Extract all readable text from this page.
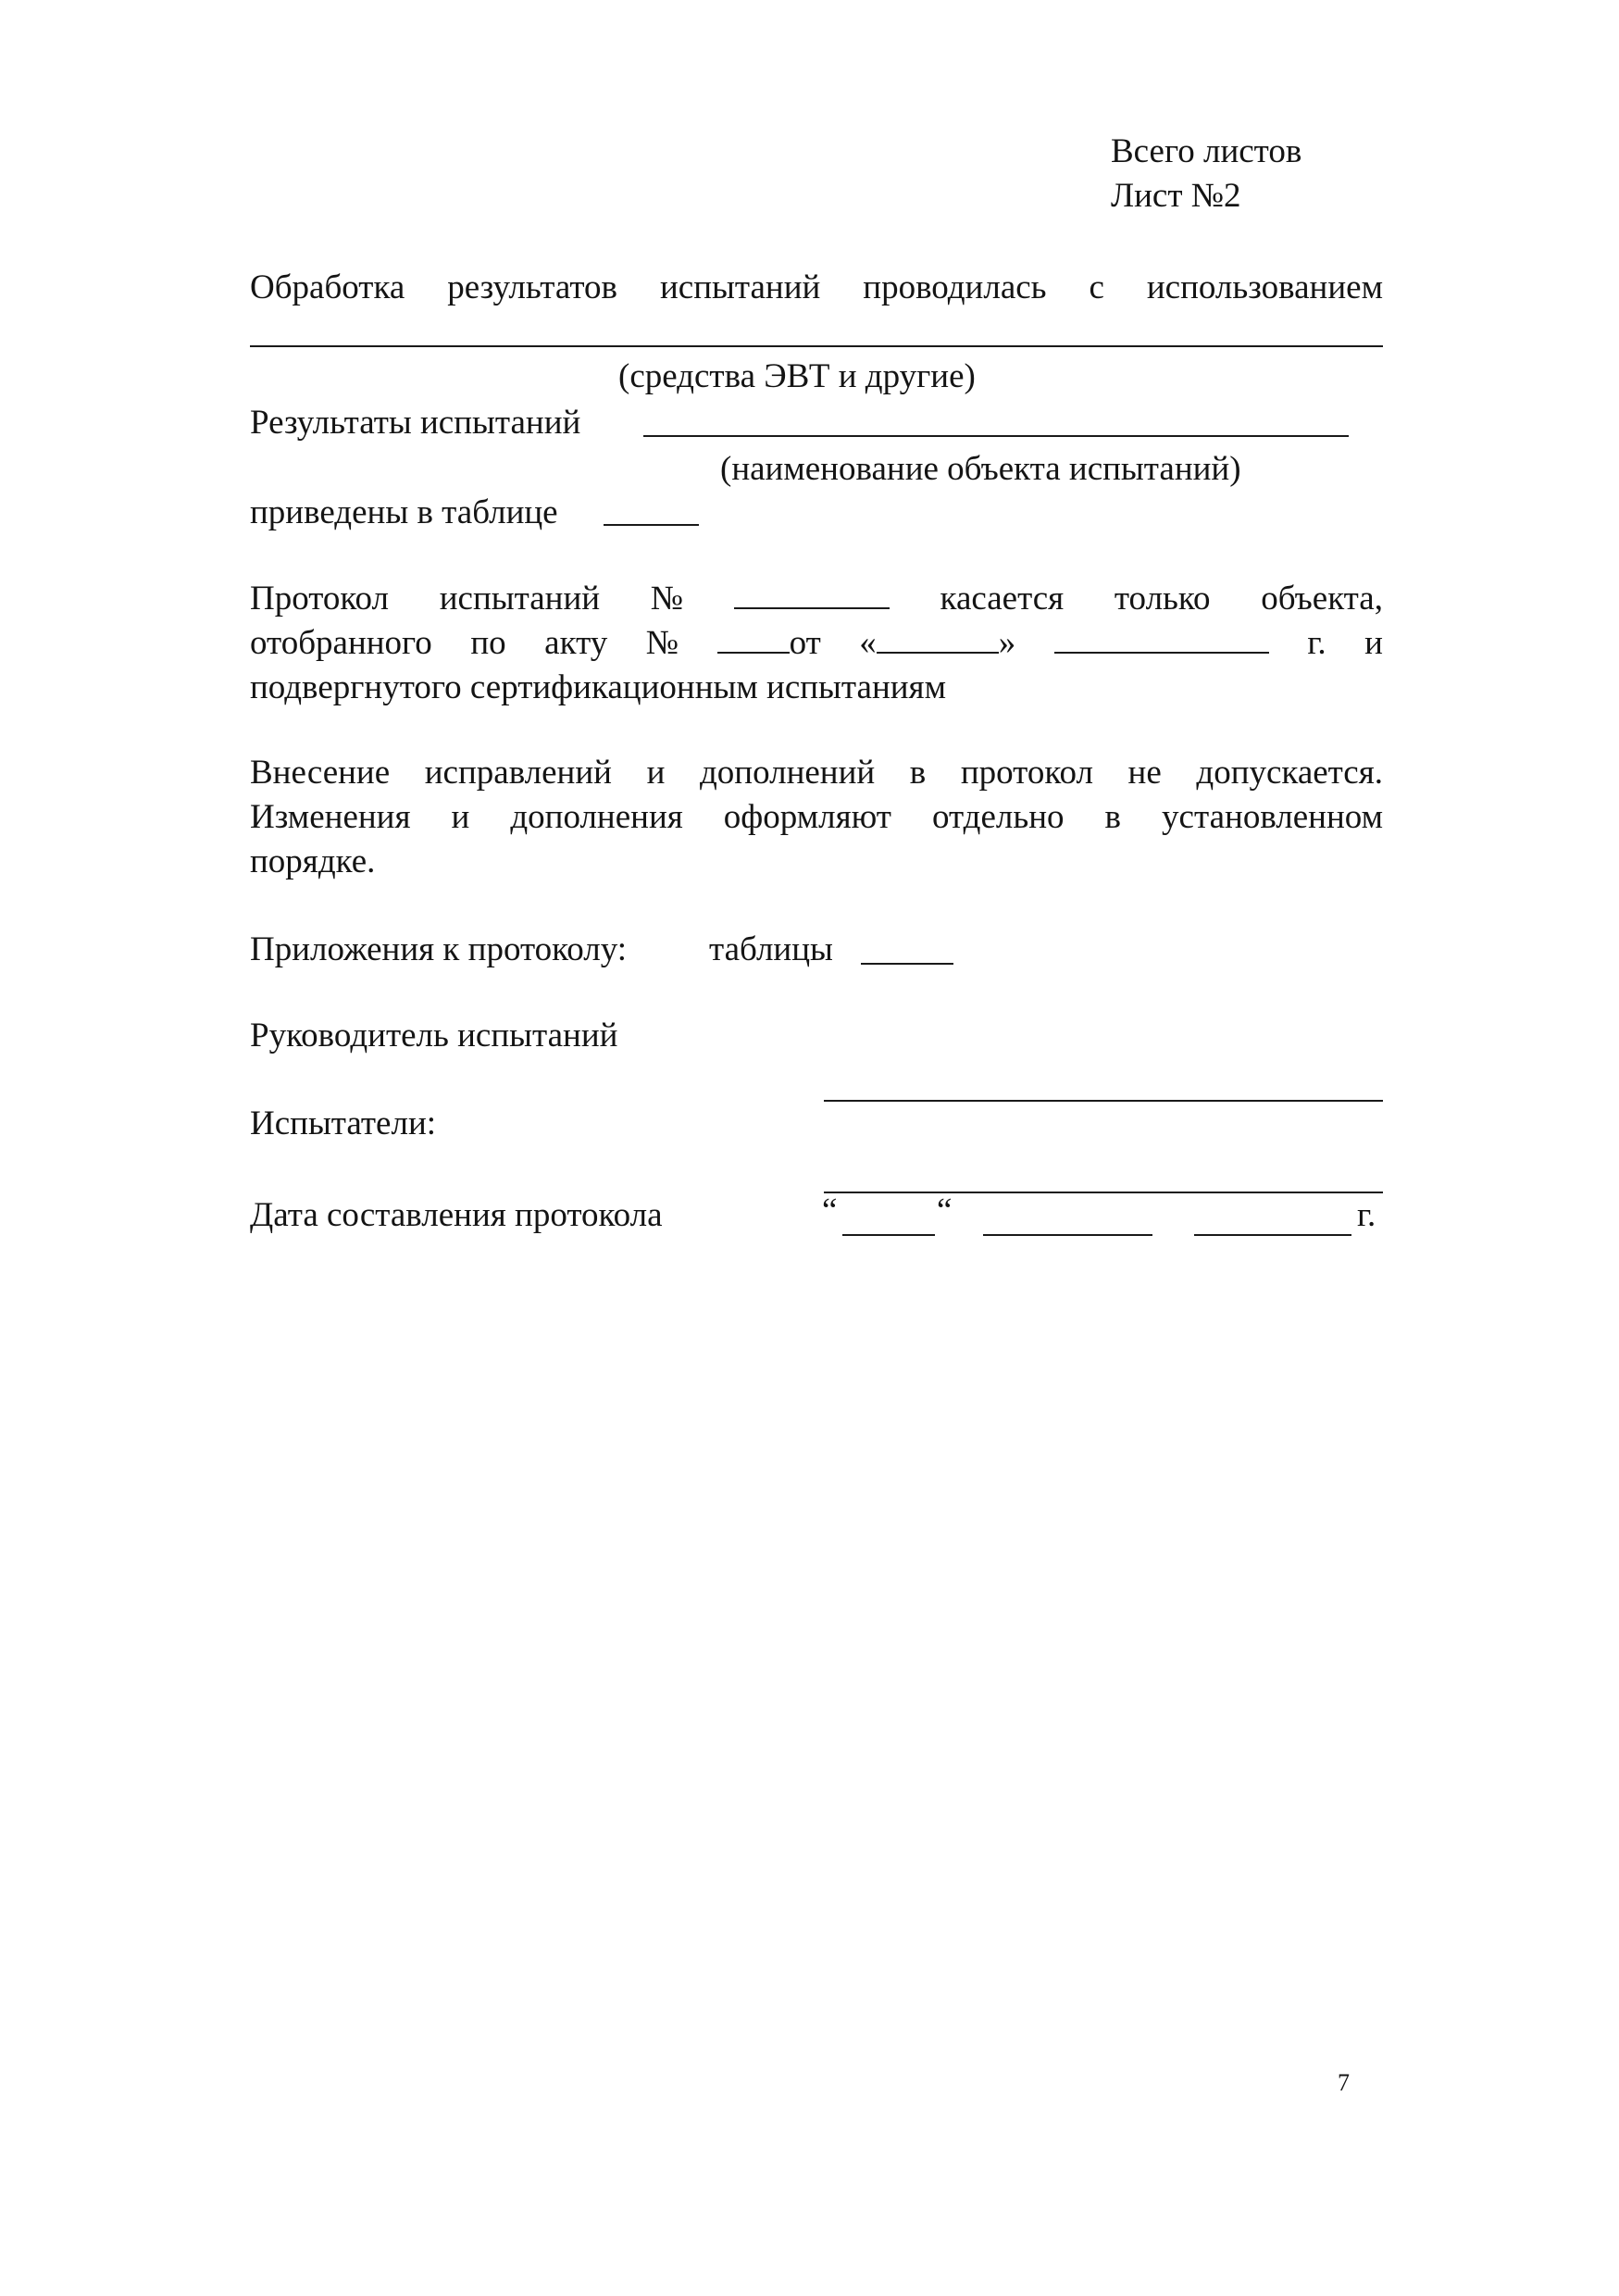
Всего листов
Лист №2
Обработка результатов испытаний проводилась с использованием
(средства ЭВТ и другие)
Результаты испытаний
(наименование объекта испытаний)
приведены в таблице
Протокол испытаний №	касается только объекта,
отобранного по акту №	от «	»	г. и
подвергнутого сертификационным испытаниям
Внесение исправлений и дополнений в протокол не допускается.
Изменения и дополнения оформляют отдельно в установленном
порядке.
Приложения к протоколу: таблицы
Руководитель испытаний
Испытатели:
Дата составления протокола	“	“	г.
7
